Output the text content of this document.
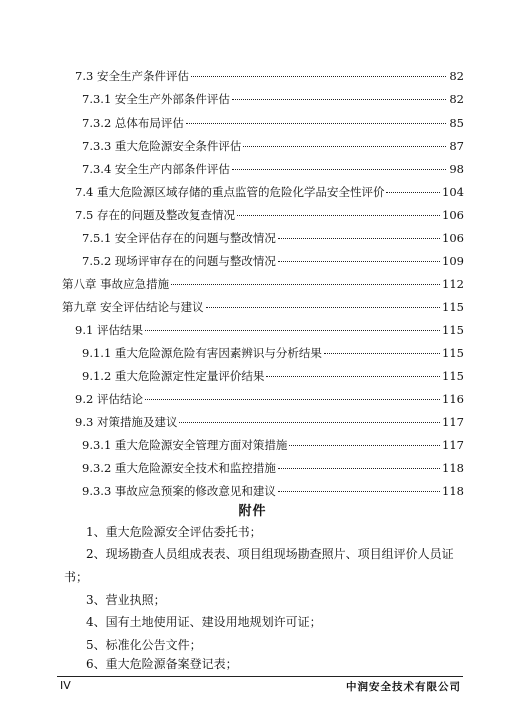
7.3 安全生产条件评估	82
7.3.1 安全生产外部条件评估	82
7.3.2 总体布局评估	85
7.3.3 重大危险源安全条件评估	87
7.3.4 安全生产内部条件评估	98
7.4 重大危险源区域存储的重点监管的危险化学品安全性评价	104
7.5 存在的问题及整改复查情况	106
7.5.1 安全评估存在的问题与整改情况	106
7.5.2 现场评审存在的问题与整改情况	109
第八章 事故应急措施	112
第九章 安全评估结论与建议	115
9.1 评估结果	115
9.1.1 重大危险源危险有害因素辨识与分析结果	115
9.1.2 重大危险源定性定量评价结果	115
9.2 评估结论	116
9.3 对策措施及建议	117
9.3.1 重大危险源安全管理方面对策措施	117
9.3.2 重大危险源安全技术和监控措施	118
9.3.3 事故应急预案的修改意见和建议	118
附件
1、重大危险源安全评估委托书；
2、现场勘查人员组成表表、项目组现场勘查照片、项目组评价人员证
书；
3、营业执照；
4、国有土地使用证、建设用地规划许可证；
5、标准化公告文件；
6、重大危险源备案登记表；
IV	中润安全技术有限公司
